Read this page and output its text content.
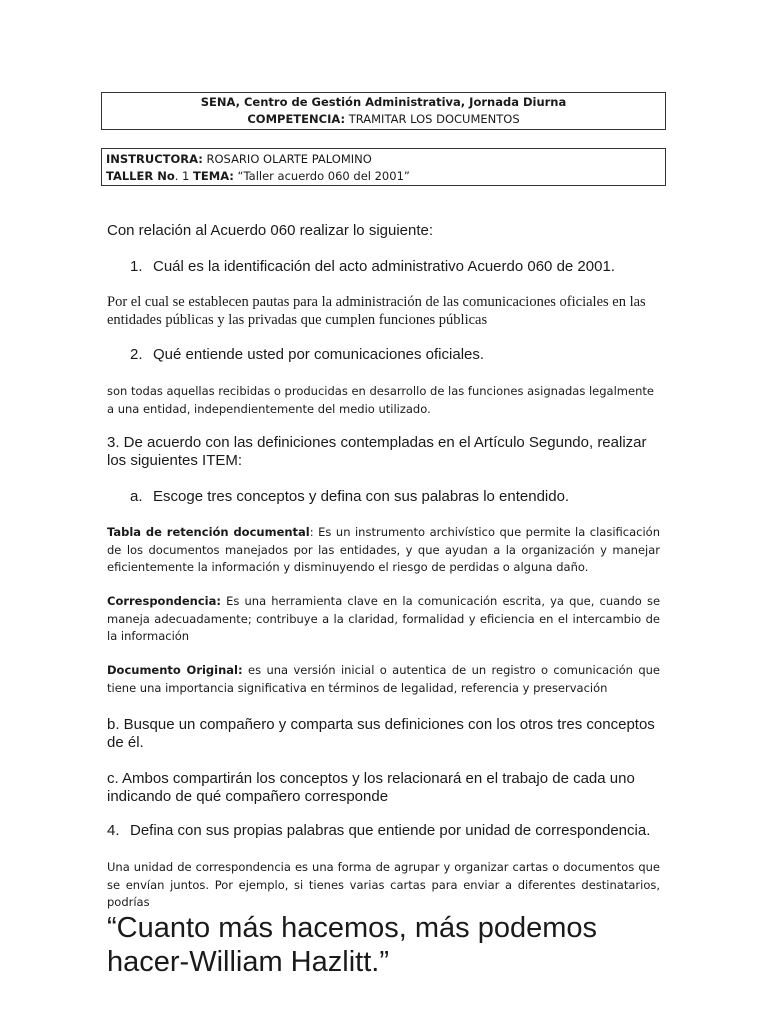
SENA, Centro de Gestión Administrativa, Jornada Diurna
COMPETENCIA: TRAMITAR LOS DOCUMENTOS
INSTRUCTORA: ROSARIO OLARTE PALOMINO
TALLER No. 1 TEMA: “Taller acuerdo 060 del 2001”
Con relación al Acuerdo 060 realizar lo siguiente:
1. Cuál es la identificación del acto administrativo Acuerdo 060 de 2001.
Por el cual se establecen pautas para la administración de las comunicaciones oficiales en las entidades públicas y las privadas que cumplen funciones públicas
2. Qué entiende usted por comunicaciones oficiales.
son todas aquellas recibidas o producidas en desarrollo de las funciones asignadas legalmente a una entidad, independientemente del medio utilizado.
3. De acuerdo con las definiciones contempladas en el Artículo Segundo, realizar los siguientes ITEM:
a. Escoge tres conceptos y defina con sus palabras lo entendido.
Tabla de retención documental: Es un instrumento archivístico que permite la clasificación de los documentos manejados por las entidades, y que ayudan a la organización y manejar eficientemente la información y disminuyendo el riesgo de perdidas o alguna daño.
Correspondencia: Es una herramienta clave en la comunicación escrita, ya que, cuando se maneja adecuadamente; contribuye a la claridad, formalidad y eficiencia en el intercambio de la información
Documento Original: es una versión inicial o autentica de un registro o comunicación que tiene una importancia significativa en términos de legalidad, referencia y preservación
b. Busque un compañero y comparta sus definiciones con los otros tres conceptos de él.
c. Ambos compartirán los conceptos y los relacionará en el trabajo de cada uno indicando de qué compañero corresponde
4. Defina con sus propias palabras que entiende por unidad de correspondencia.
Una unidad de correspondencia es una forma de agrupar y organizar cartas o documentos que se envían juntos. Por ejemplo, si tienes varias cartas para enviar a diferentes destinatarios, podrías
“Cuanto más hacemos, más podemos hacer-William Hazlitt.”
